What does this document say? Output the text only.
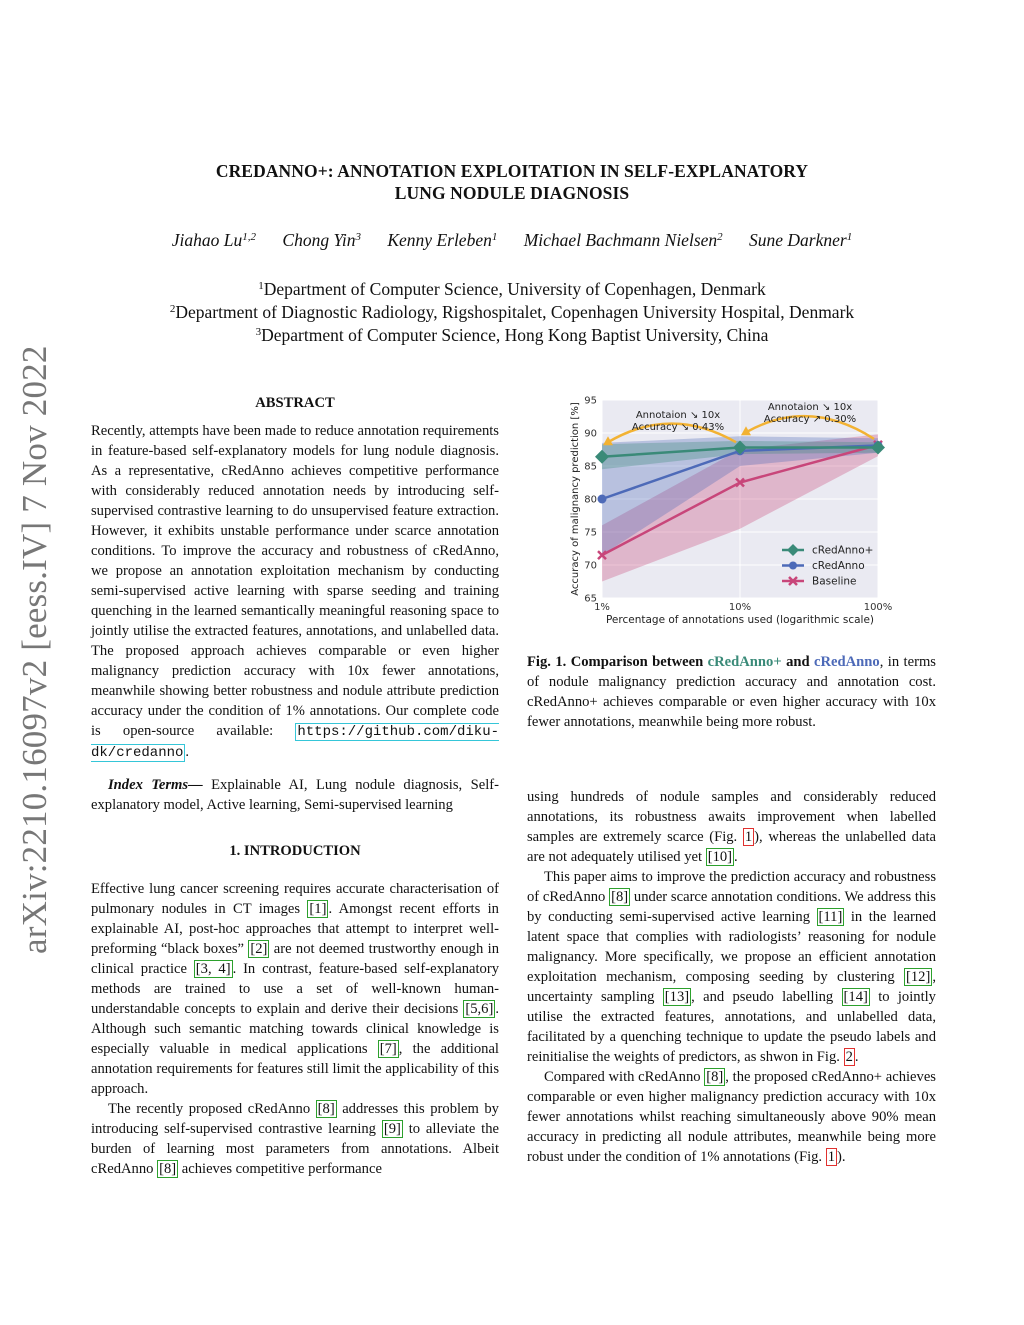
CREDANNO+: ANNOTATION EXPLOITATION IN SELF-EXPLANATORY
LUNG NODULE DIAGNOSIS
Jiahao Lu$^{1,2}$ Chong Yin$^3$ Kenny Erleben$^1$ Michael Bachmann Nielsen$^2$ Sune Darkner$^1$
$^1$Department of Computer Science, University of Copenhagen, Denmark
$^2$Department of Diagnostic Radiology, Rigshospitalet, Copenhagen University Hospital, Denmark
$^3$Department of Computer Science, Hong Kong Baptist University, China
arXiv:2210.16097v2 [eess.IV] 7 Nov 2022	ABSTRACT

Recently, attempts have been made to reduce annotation requirements in feature-based self-explanatory models for lung nodule diagnosis. As a representative, cRedAnno achieves competitive performance with considerably reduced annotation needs by introducing self-supervised contrastive learning to do unsupervised feature extraction. However, it exhibits unstable performance under scarce annotation conditions. To improve the accuracy and robustness of cRedAnno, we propose an annotation exploitation mechanism by conducting semi-supervised active learning with sparse seeding and training quenching in the learned semantically meaningful reasoning space to jointly utilise the extracted features, annotations, and unlabelled data. The proposed approach achieves comparable or even higher malignancy prediction accuracy with 10x fewer annotations, meanwhile showing better robustness and nodule attribute prediction accuracy under the condition of 1% annotations. Our complete code is open-source available: https://github.com/diku-dk/credanno .

Index Terms— Explainable AI, Lung nodule diagnosis, Self-explanatory model, Active learning, Semi-supervised learning

1. INTRODUCTION

Effective lung cancer screening requires accurate characterisation of pulmonary nodules in CT images [1] . Amongst recent efforts in explainable AI, post-hoc approaches that attempt to interpret well-preforming “black boxes” [2] are not deemed trustworthy enough in clinical practice [3, 4] . In contrast, feature-based self-explanatory methods are trained to use a set of well-known human-understandable concepts to explain and derive their decisions [5,6] . Although such semantic matching towards clinical knowledge is especially valuable in medical applications [7] , the additional annotation requirements for features still limit the applicability of this approach.

The recently proposed cRedAnno [8] addresses this problem by introducing self-supervised contrastive learning [9] to alleviate the burden of learning most parameters from annotations. Albeit cRedAnno [8] achieves competitive performance

Annotaion ↘ 10x
Accuracy ↘ 0.43%
Annotaion ↘ 10x
Accuracy ↗ 0.30%
65
70
75
80
85
90
95
1%	10%	100%
Percentage of annotations used (logarithmic scale)
Accuracy of malignancy prediction [%]	cRedAnno+
cRedAnno
Baseline

Fig. 1. Comparison between cRedAnno+ and cRedAnno, in terms of nodule malignancy prediction accuracy and annotation cost. cRedAnno+ achieves comparable or even higher accuracy with 10x fewer annotations, meanwhile being more robust.

using hundreds of nodule samples and considerably reduced annotations, its robustness awaits improvement when labelled samples are extremely scarce (Fig. 1 ), whereas the unlabelled data are not adequately utilised yet [10] .

This paper aims to improve the prediction accuracy and robustness of cRedAnno [8] under scarce annotation conditions. We address this by conducting semi-supervised active learning [11] in the learned latent space that complies with radiologists’ reasoning for nodule malignancy. More specifically, we propose an efficient annotation exploitation mechanism, composing seeding by clustering [12] , uncertainty sampling [13] , and pseudo labelling [14] to jointly utilise the extracted features, annotations, and unlabelled data, facilitated by a quenching technique to update the pseudo labels and reinitialise the weights of predictors, as shwon in Fig. 2 .

Compared with cRedAnno [8] , the proposed cRedAnno+ achieves comparable or even higher malignancy prediction accuracy with 10x fewer annotations whilst reaching simultaneously above 90% mean accuracy in predicting all nodule attributes, meanwhile being more robust under the condition of 1% annotations (Fig. 1 ).
